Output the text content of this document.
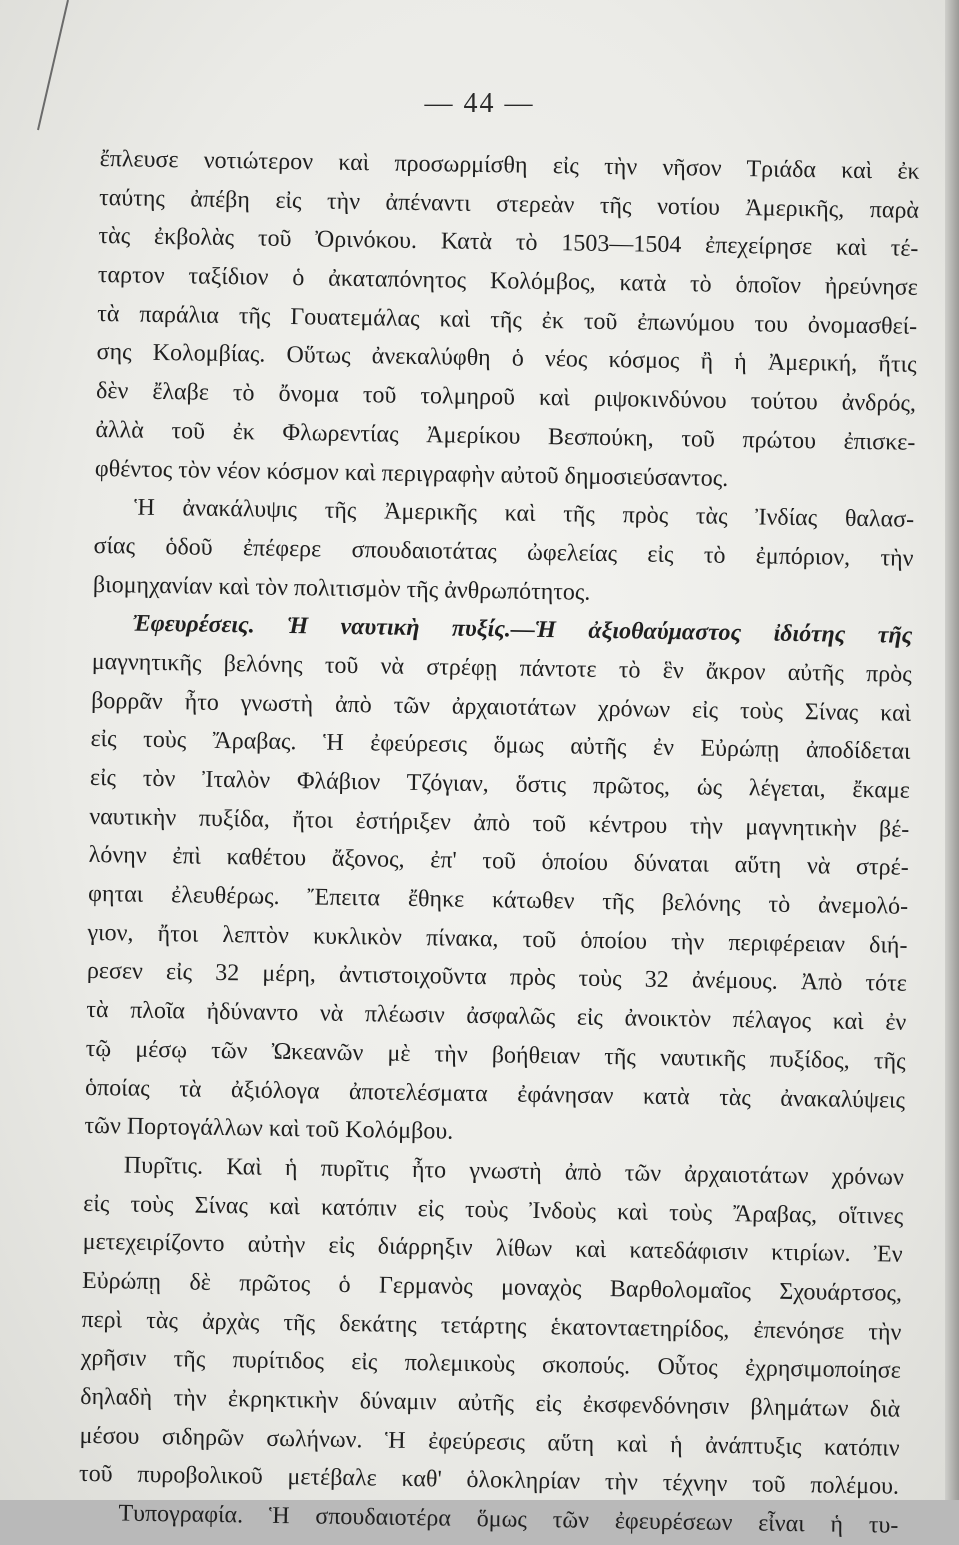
— 44 —
ἔπλευσε νοτιώτερον καὶ προσωρμίσθη εἰς τὴν νῆσον Τριάδα καὶ ἐκ
ταύτης ἀπέβη εἰς τὴν ἀπέναντι στερεὰν τῆς νοτίου Ἀμερικῆς, παρὰ
τὰς ἐκβολὰς τοῦ Ὀρινόκου. Κατὰ τὸ 1503—1504 ἐπεχείρησε καὶ τέ-
ταρτον ταξίδιον ὁ ἀκαταπόνητος Κολόμβος, κατὰ τὸ ὁποῖον ἠρεύνησε
τὰ παράλια τῆς Γουατεμάλας καὶ τῆς ἐκ τοῦ ἐπωνύμου του ὀνομασθεί-
σης Κολομβίας. Οὕτως ἀνεκαλύφθη ὁ νέος κόσμος ἢ ἡ Ἀμερική, ἥτις
δὲν ἔλαβε τὸ ὄνομα τοῦ τολμηροῦ καὶ ριψοκινδύνου τούτου ἀνδρός,
ἀλλὰ τοῦ ἐκ Φλωρεντίας Ἀμερίκου Βεσπούκη, τοῦ πρώτου ἐπισκε-
φθέντος τὸν νέον κόσμον καὶ περιγραφὴν αὐτοῦ δημοσιεύσαντος.
Ἡ ἀνακάλυψις τῆς Ἀμερικῆς καὶ τῆς πρὸς τὰς Ἰνδίας θαλασ-
σίας ὁδοῦ ἐπέφερε σπουδαιοτάτας ὠφελείας εἰς τὸ ἐμπόριον, τὴν
βιομηχανίαν καὶ τὸν πολιτισμὸν τῆς ἀνθρωπότητος.
Ἐφευρέσεις. Ἡ ναυτικὴ πυξίς.—Ἡ ἀξιοθαύμαστος ἰδιότης τῆς
μαγνητικῆς βελόνης τοῦ νὰ στρέφῃ πάντοτε τὸ ἓν ἄκρον αὐτῆς πρὸς
βορρᾶν ἦτο γνωστὴ ἀπὸ τῶν ἀρχαιοτάτων χρόνων εἰς τοὺς Σίνας καὶ
εἰς τοὺς Ἄραβας. Ἡ ἐφεύρεσις ὅμως αὐτῆς ἐν Εὐρώπῃ ἀποδίδεται
εἰς τὸν Ἰταλὸν Φλάβιον Τζόγιαν, ὅστις πρῶτος, ὡς λέγεται, ἔκαμε
ναυτικὴν πυξίδα, ἤτοι ἐστήριξεν ἀπὸ τοῦ κέντρου τὴν μαγνητικὴν βέ-
λόνην ἐπὶ καθέτου ἄξονος, ἐπ' τοῦ ὁποίου δύναται αὕτη νὰ στρέ-
φηται ἐλευθέρως. Ἔπειτα ἔθηκε κάτωθεν τῆς βελόνης τὸ ἀνεμολό-
γιον, ἤτοι λεπτὸν κυκλικὸν πίνακα, τοῦ ὁποίου τὴν περιφέρειαν διή-
ρεσεν εἰς 32 μέρη, ἀντιστοιχοῦντα πρὸς τοὺς 32 ἀνέμους. Ἀπὸ τότε
τὰ πλοῖα ἠδύναντο νὰ πλέωσιν ἀσφαλῶς εἰς ἀνοικτὸν πέλαγος καὶ ἐν
τῷ μέσῳ τῶν Ὠκεανῶν μὲ τὴν βοήθειαν τῆς ναυτικῆς πυξίδος, τῆς
ὁποίας τὰ ἀξιόλογα ἀποτελέσματα ἐφάνησαν κατὰ τὰς ἀνακαλύψεις
τῶν Πορτογάλλων καὶ τοῦ Κολόμβου.
Πυρῖτις. Καὶ ἡ πυρῖτις ἦτο γνωστὴ ἀπὸ τῶν ἀρχαιοτάτων χρόνων
εἰς τοὺς Σίνας καὶ κατόπιν εἰς τοὺς Ἰνδοὺς καὶ τοὺς Ἄραβας, οἵτινες
μετεχειρίζοντο αὐτὴν εἰς διάρρηξιν λίθων καὶ κατεδάφισιν κτιρίων. Ἐν
Εὐρώπῃ δὲ πρῶτος ὁ Γερμανὸς μοναχὸς Βαρθολομαῖος Σχουάρτσος,
περὶ τὰς ἀρχὰς τῆς δεκάτης τετάρτης ἑκατονταετηρίδος, ἐπενόησε τὴν
χρῆσιν τῆς πυρίτιδος εἰς πολεμικοὺς σκοπούς. Οὗτος ἐχρησιμοποίησε
δηλαδὴ τὴν ἐκρηκτικὴν δύναμιν αὐτῆς εἰς ἐκσφενδόνησιν βλημάτων διὰ
μέσου σιδηρῶν σωλήνων. Ἡ ἐφεύρεσις αὕτη καὶ ἡ ἀνάπτυξις κατόπιν
τοῦ πυροβολικοῦ μετέβαλε καθ' ὁλοκληρίαν τὴν τέχνην τοῦ πολέμου.
Τυπογραφία. Ἡ σπουδαιοτέρα ὅμως τῶν ἐφευρέσεων εἶναι ἡ τυ-
